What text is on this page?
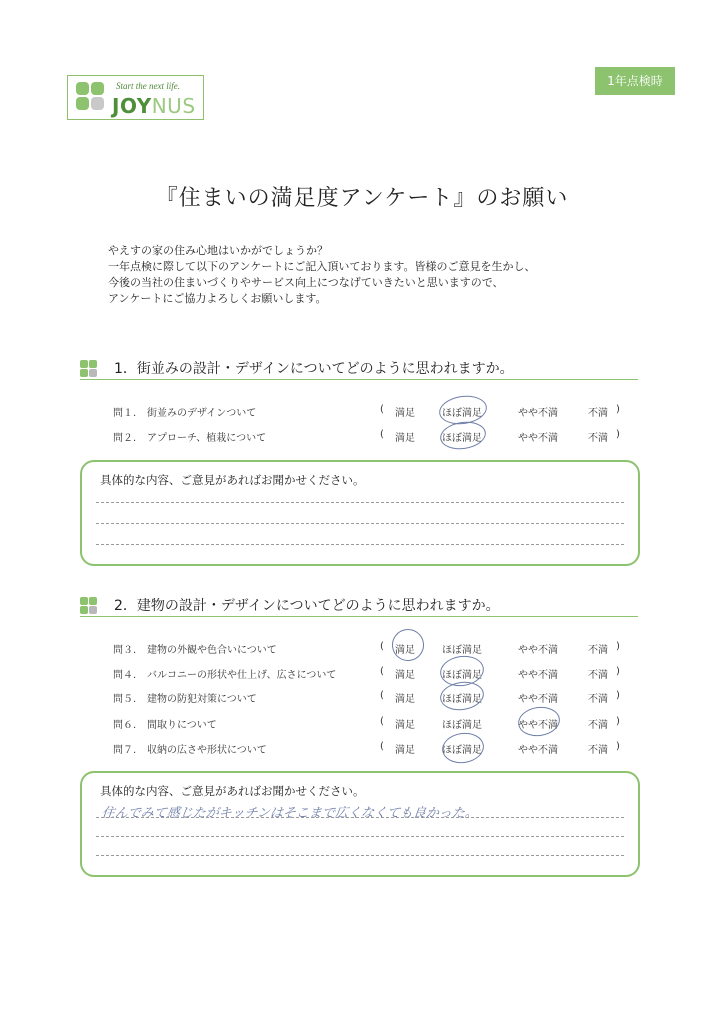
Start the next life.
JOYNUS
1年点検時
『住まいの満足度アンケート』のお願い
やえすの家の住み心地はいかがでしょうか？
一年点検に際して以下のアンケートにご記入頂いております。皆様のご意見を生かし、
今後の当社の住まいづくりやサービス向上につなげていきたいと思いますので、
アンケートにご協力よろしくお願いします。
1．街並みの設計・デザインについてどのように思われますか。
問１. 街並みのデザインついて	( 満足	ほぼ満足	やや不満	不満 )
問２. アプローチ、植栽について	( 満足	ほぼ満足	やや不満	不満 )
具体的な内容、ご意見があればお聞かせください。
2．建物の設計・デザインについてどのように思われますか。
問３. 建物の外観や色合いについて	( 満足	ほぼ満足	やや不満	不満 )
問４. バルコニーの形状や仕上げ、広さについて	( 満足	ほぼ満足	やや不満	不満 )
問５. 建物の防犯対策について	( 満足	ほぼ満足	やや不満	不満 )
問６. 間取りについて	( 満足	ほぼ満足	やや不満	不満 )
問７. 収納の広さや形状について	( 満足	ほぼ満足	やや不満	不満 )
具体的な内容、ご意見があればお聞かせください。
住んでみて感じたがキッチンはそこまで広くなくても良かった。
